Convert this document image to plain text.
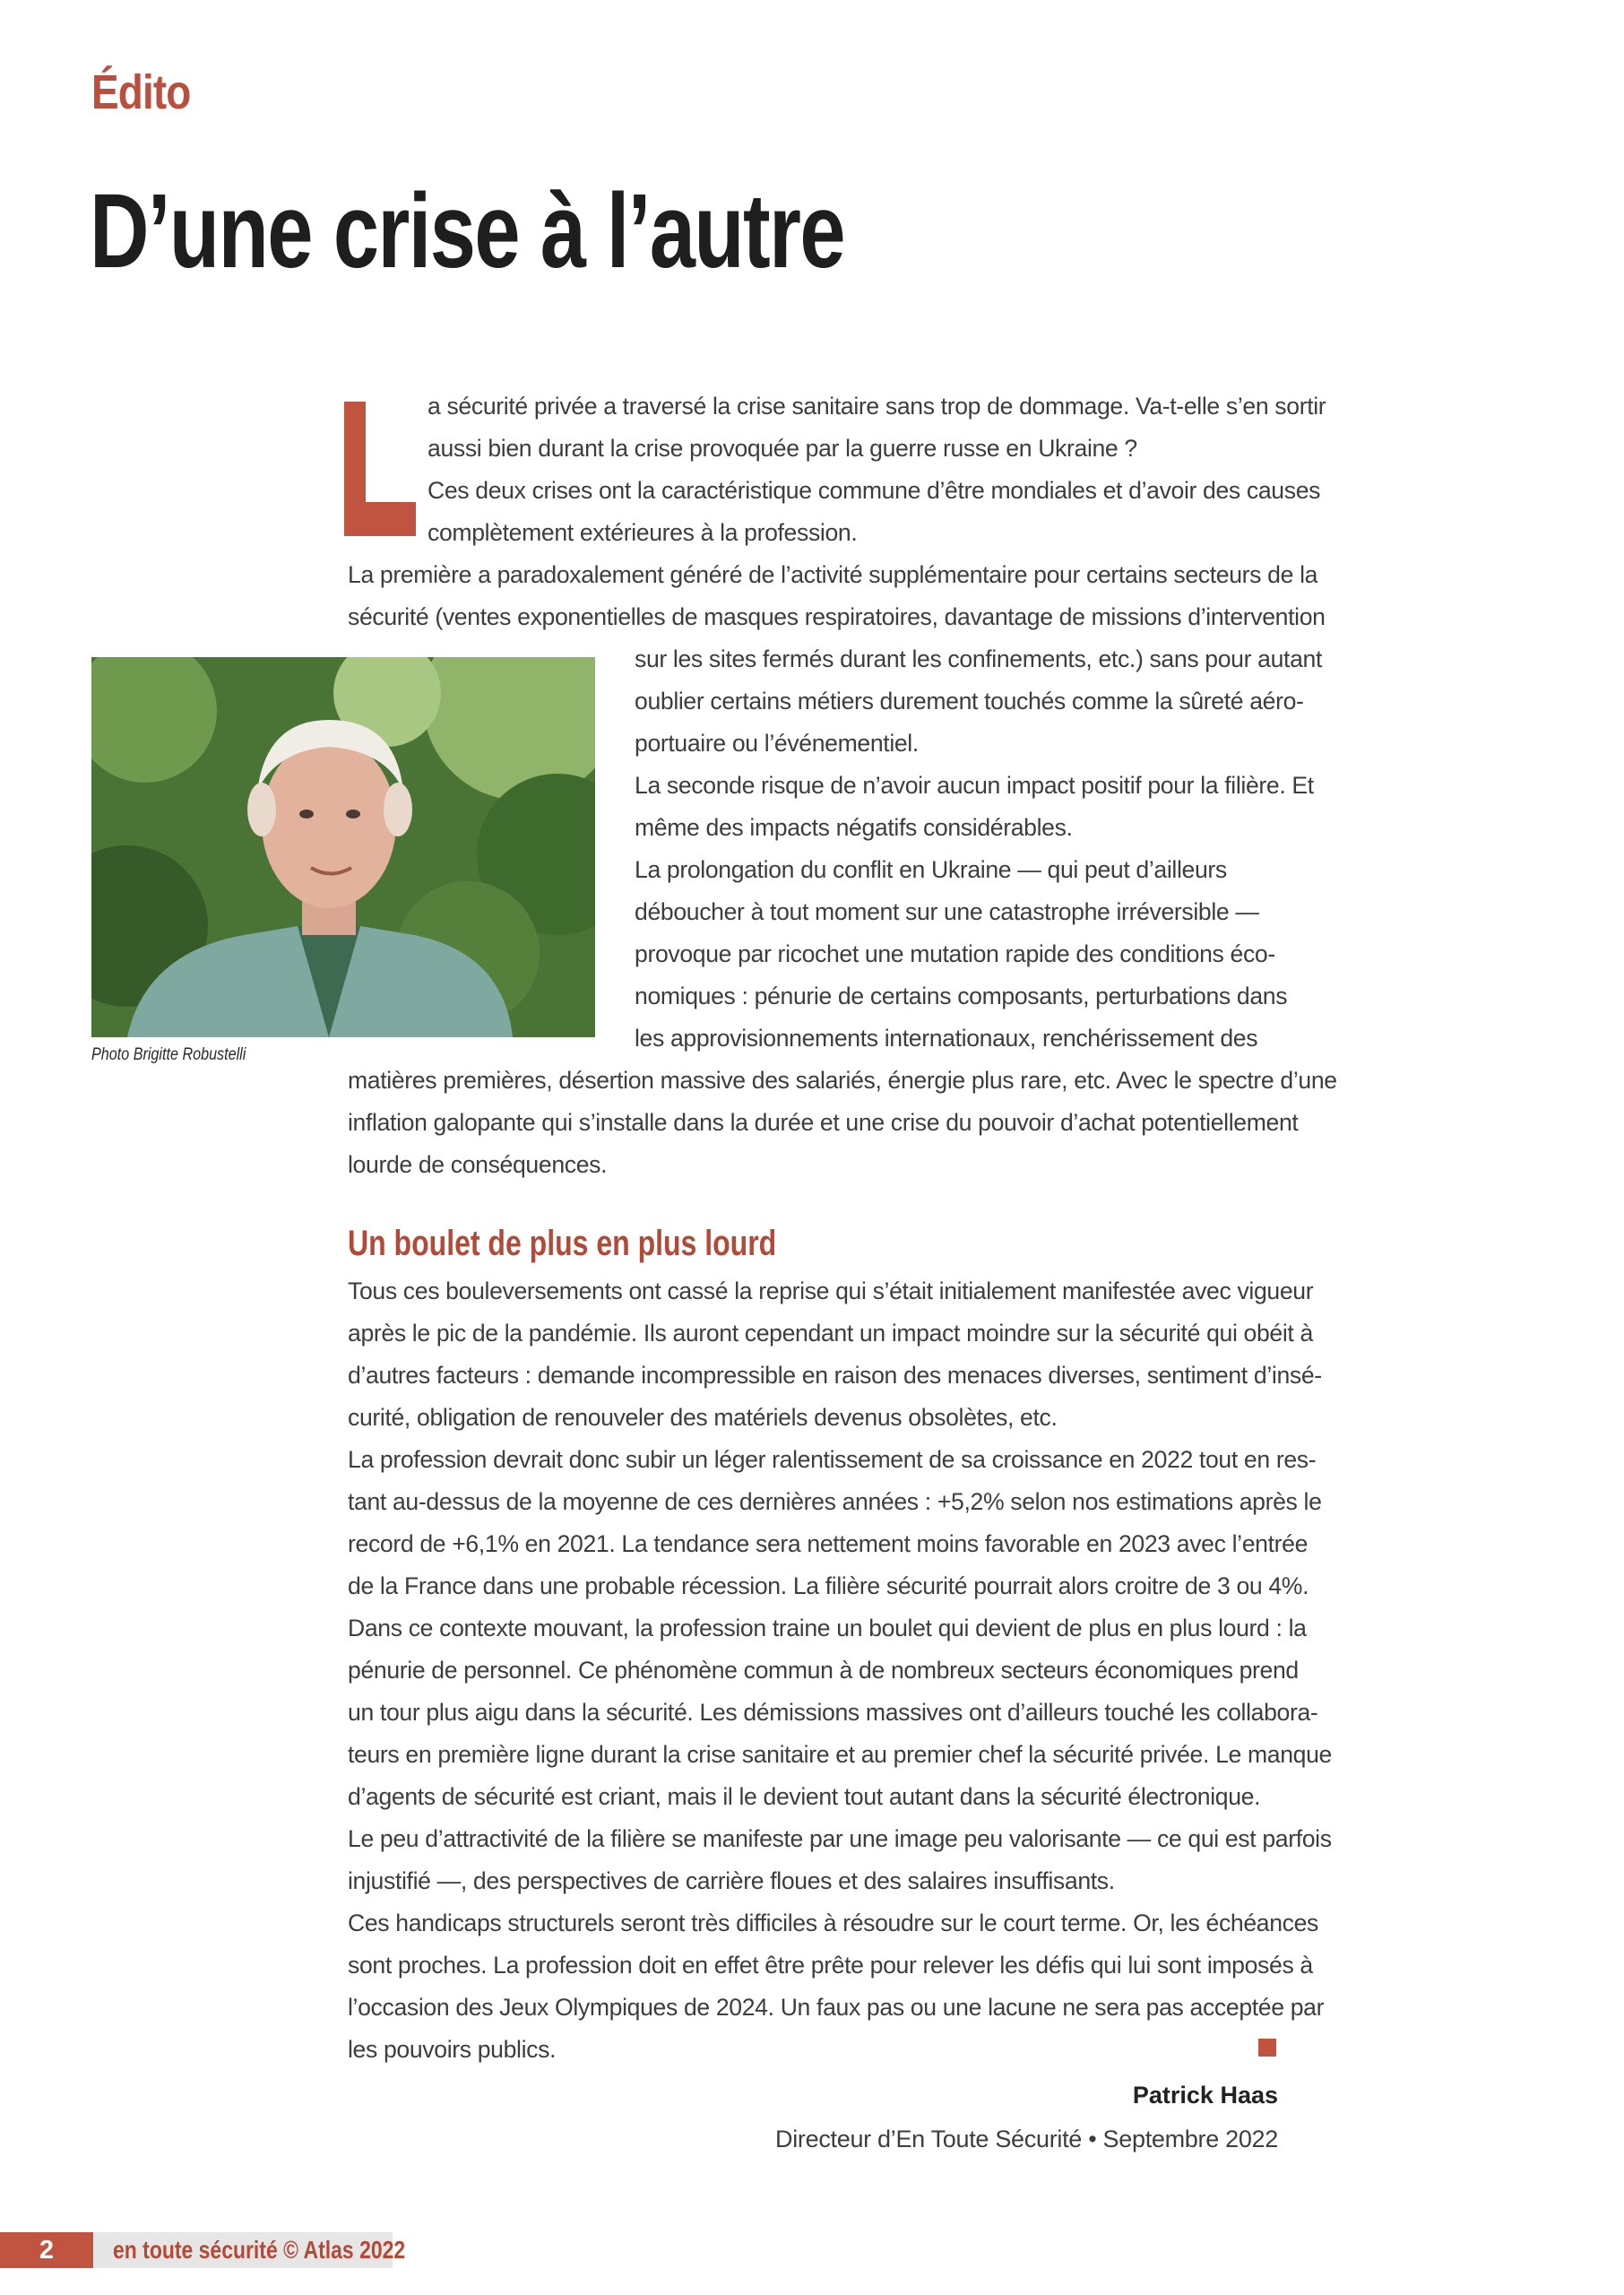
Édito
D’une crise à l’autre

a sécurité privée a traversé la crise sanitaire sans trop de dommage. Va-t-elle s’en sortir

aussi bien durant la crise provoquée par la guerre russe en Ukraine ?

Ces deux crises ont la caractéristique commune d’être mondiales et d’avoir des causes

complètement extérieures à la profession.

La première a paradoxalement généré de l’activité supplémentaire pour certains secteurs de la

sécurité (ventes exponentielles de masques respiratoires, davantage de missions d’intervention

sur les sites fermés durant les confinements, etc.) sans pour autant

oublier certains métiers durement touchés comme la sûreté aéro-

portuaire ou l’événementiel.

La seconde risque de n’avoir aucun impact positif pour la filière. Et

même des impacts négatifs considérables.

La prolongation du conflit en Ukraine — qui peut d’ailleurs

déboucher à tout moment sur une catastrophe irréversible —

provoque par ricochet une mutation rapide des conditions éco-

nomiques : pénurie de certains composants, perturbations dans

les approvisionnements internationaux, renchérissement des

matières premières, désertion massive des salariés, énergie plus rare, etc. Avec le spectre d’une

inflation galopante qui s’installe dans la durée et une crise du pouvoir d’achat potentiellement

lourde de conséquences.

Photo Brigitte Robustelli

Un boulet de plus en plus lourd

Tous ces bouleversements ont cassé la reprise qui s’était initialement manifestée avec vigueur

après le pic de la pandémie. Ils auront cependant un impact moindre sur la sécurité qui obéit à

d’autres facteurs : demande incompressible en raison des menaces diverses, sentiment d’insé-

curité, obligation de renouveler des matériels devenus obsolètes, etc.

La profession devrait donc subir un léger ralentissement de sa croissance en 2022 tout en res-

tant au-dessus de la moyenne de ces dernières années : +5,2% selon nos estimations après le

record de +6,1% en 2021. La tendance sera nettement moins favorable en 2023 avec l’entrée

de la France dans une probable récession. La filière sécurité pourrait alors croitre de 3 ou 4%.

Dans ce contexte mouvant, la profession traine un boulet qui devient de plus en plus lourd : la

pénurie de personnel. Ce phénomène commun à de nombreux secteurs économiques prend

un tour plus aigu dans la sécurité. Les démissions massives ont d’ailleurs touché les collabora-

teurs en première ligne durant la crise sanitaire et au premier chef la sécurité privée. Le manque

d’agents de sécurité est criant, mais il le devient tout autant dans la sécurité électronique.

Le peu d’attractivité de la filière se manifeste par une image peu valorisante — ce qui est parfois

injustifié —, des perspectives de carrière floues et des salaires insuffisants.

Ces handicaps structurels seront très difficiles à résoudre sur le court terme. Or, les échéances

sont proches. La profession doit en effet être prête pour relever les défis qui lui sont imposés à

l’occasion des Jeux Olympiques de 2024. Un faux pas ou une lacune ne sera pas acceptée par

les pouvoirs publics.

Patrick Haas

Directeur d’En Toute Sécurité • Septembre 2022

2	en toute sécurité © Atlas 2022
